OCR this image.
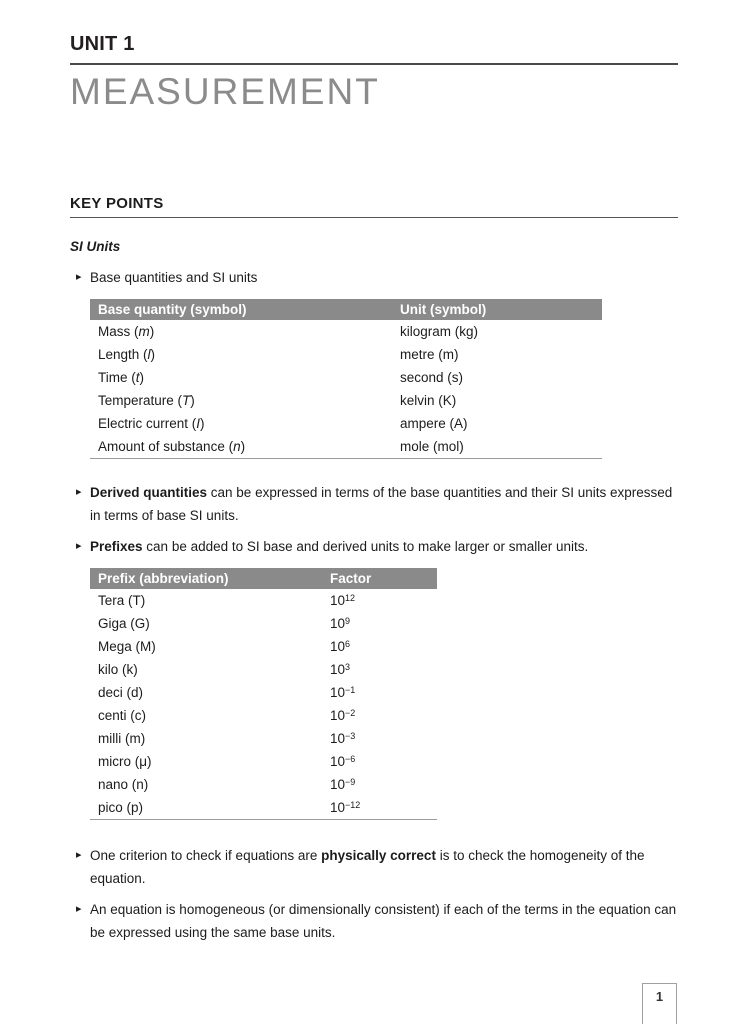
UNIT 1
MEASUREMENT
KEY POINTS
SI Units
▸ Base quantities and SI units
Base quantity (symbol)	Unit (symbol)
Mass (m)	kilogram (kg)
Length (l)	metre (m)
Time (t)	second (s)
Temperature (T)	kelvin (K)
Electric current (I)	ampere (A)
Amount of substance (n)	mole (mol)
▸ Derived quantities can be expressed in terms of the base quantities and their SI units expressed in terms of base SI units.
▸ Prefixes can be added to SI base and derived units to make larger or smaller units.
Prefix (abbreviation)	Factor
Tera (T)	$10^{12}$
Giga (G)	$10^9$
Mega (M)	$10^6$
kilo (k)	$10^3$
deci (d)	$10^{-1}$
centi (c)	$10^{-2}$
milli (m)	$10^{-3}$
micro (μ)	$10^{-6}$
nano (n)	$10^{-9}$
pico (p)	$10^{-12}$
▸ One criterion to check if equations are physically correct is to check the homogeneity of the equation.
▸ An equation is homogeneous (or dimensionally consistent) if each of the terms in the equation can be expressed using the same base units.
1
